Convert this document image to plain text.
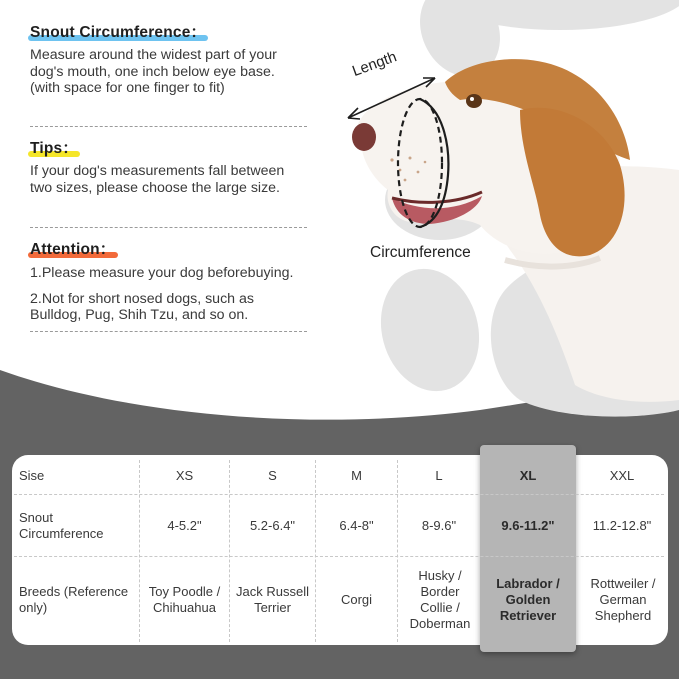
Snout Circumference：
Measure around the widest part of your dog's mouth, one inch below eye base. (with space for one finger to fit)
Tips：
If your dog's measurements fall between two sizes, please choose the large size.
Attention：
1.Please measure your dog beforebuying.
2.Not for short nosed dogs, such as Bulldog, Pug, Shih Tzu, and so on.
Length
Circumference
Sise
Snout Circumference
Breeds (Reference only)
XS
4-5.2"
Toy Poodle / Chihuahua
S
5.2-6.4"
Jack Russell Terrier
M
6.4-8"
Corgi
L
8-9.6"
Husky / Border Collie / Doberman
XL
9.6-11.2"
Labrador / Golden Retriever
XXL
11.2-12.8"
Rottweiler / German Shepherd
